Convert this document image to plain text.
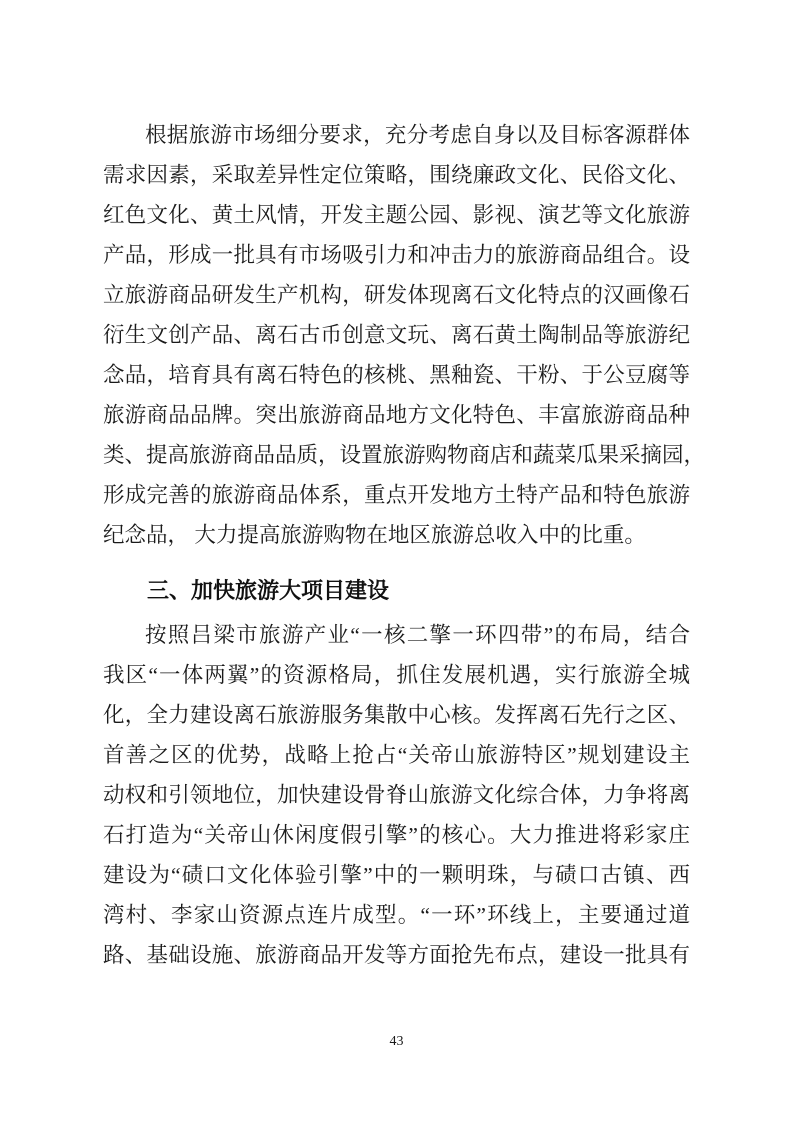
根据旅游市场细分要求，充分考虑自身以及目标客源群体
需求因素，采取差异性定位策略，围绕廉政文化、民俗文化、
红色文化、黄土风情，开发主题公园、影视、演艺等文化旅游
产品，形成一批具有市场吸引力和冲击力的旅游商品组合。设
立旅游商品研发生产机构，研发体现离石文化特点的汉画像石
衍生文创产品、离石古币创意文玩、离石黄土陶制品等旅游纪
念品，培育具有离石特色的核桃、黑釉瓷、干粉、于公豆腐等
旅游商品品牌。突出旅游商品地方文化特色、丰富旅游商品种
类、提高旅游商品品质，设置旅游购物商店和蔬菜瓜果采摘园，
形成完善的旅游商品体系，重点开发地方土特产品和特色旅游
纪念品， 大力提高旅游购物在地区旅游总收入中的比重。
三、加快旅游大项目建设
按照吕梁市旅游产业“一核二擎一环四带”的布局，结合
我区“一体两翼”的资源格局，抓住发展机遇，实行旅游全城
化，全力建设离石旅游服务集散中心核。发挥离石先行之区、
首善之区的优势，战略上抢占“关帝山旅游特区”规划建设主
动权和引领地位，加快建设骨脊山旅游文化综合体，力争将离
石打造为“关帝山休闲度假引擎”的核心。大力推进将彩家庄
建设为“碛口文化体验引擎”中的一颗明珠，与碛口古镇、西
湾村、李家山资源点连片成型。“一环”环线上，主要通过道
路、基础设施、旅游商品开发等方面抢先布点，建设一批具有
43
